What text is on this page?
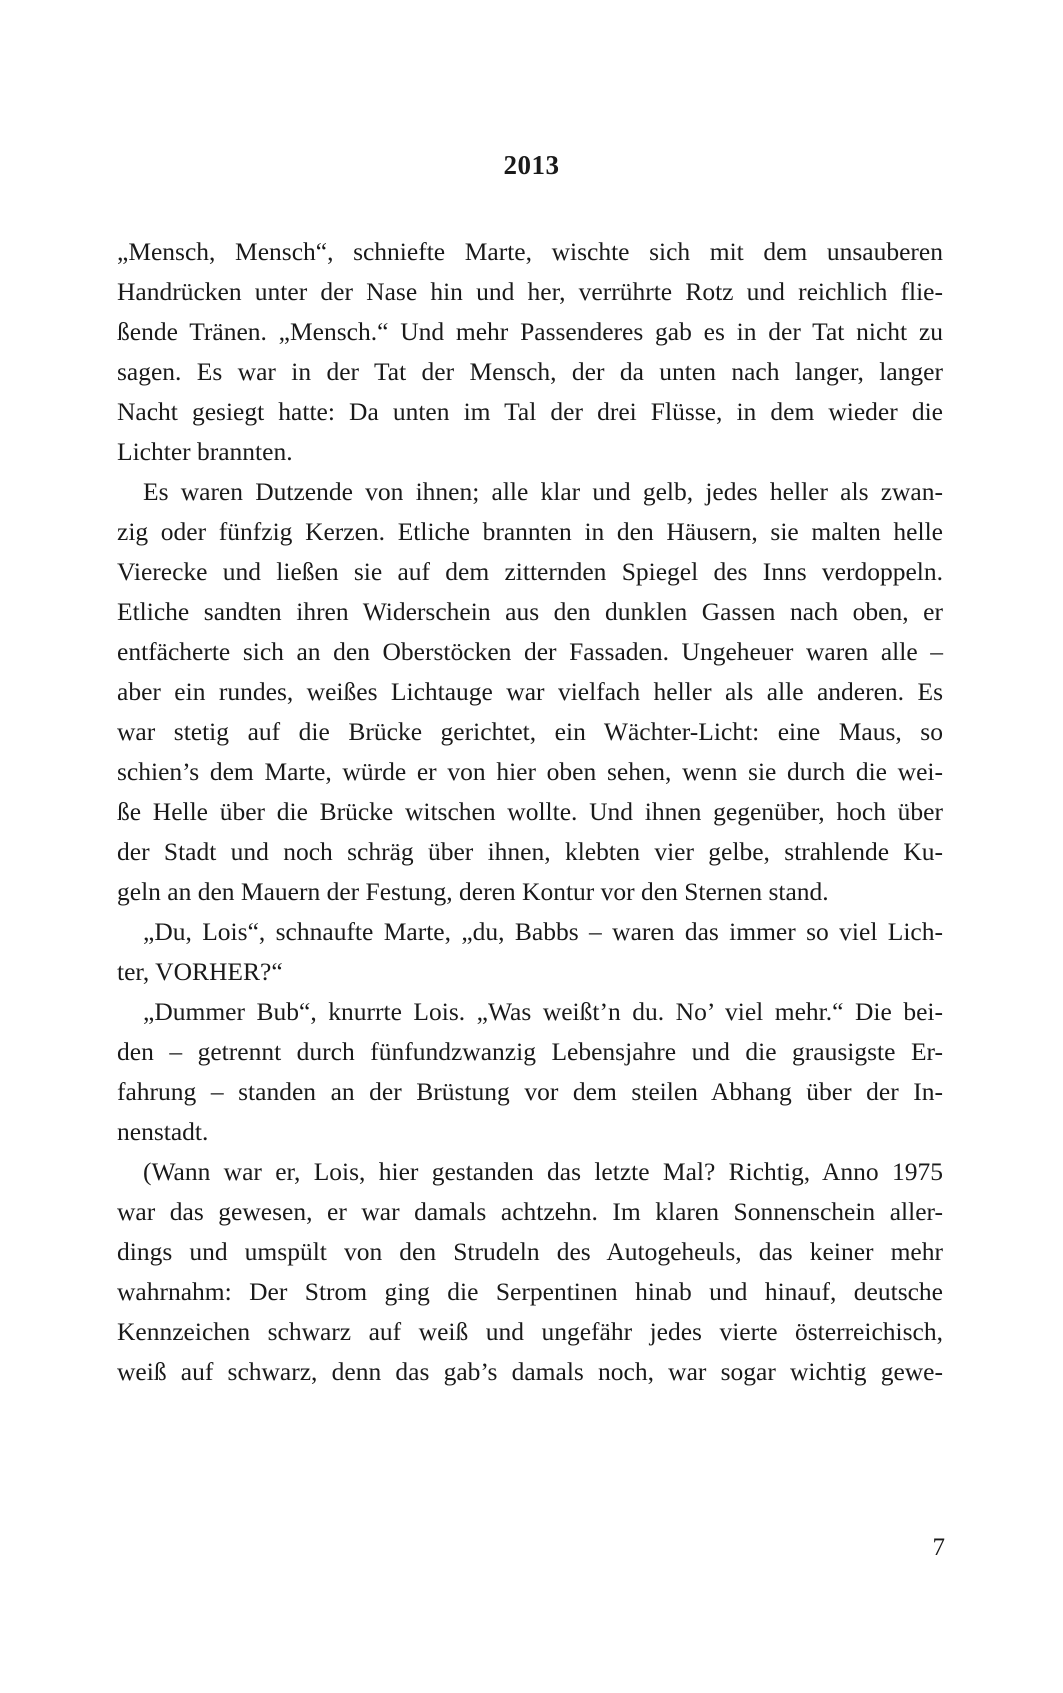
2013
„Mensch, Mensch“, schniefte Marte, wischte sich mit dem unsauberen
Handrücken unter der Nase hin und her, verrührte Rotz und reichlich flie-
ßende Tränen. „Mensch.“ Und mehr Passenderes gab es in der Tat nicht zu
sagen. Es war in der Tat der Mensch, der da unten nach langer, langer
Nacht gesiegt hatte: Da unten im Tal der drei Flüsse, in dem wieder die
Lichter brannten.
Es waren Dutzende von ihnen; alle klar und gelb, jedes heller als zwan-
zig oder fünfzig Kerzen. Etliche brannten in den Häusern, sie malten helle
Vierecke und ließen sie auf dem zitternden Spiegel des Inns verdoppeln.
Etliche sandten ihren Widerschein aus den dunklen Gassen nach oben, er
entfächerte sich an den Oberstöcken der Fassaden. Ungeheuer waren alle –
aber ein rundes, weißes Lichtauge war vielfach heller als alle anderen. Es
war stetig auf die Brücke gerichtet, ein Wächter-Licht: eine Maus, so
schien’s dem Marte, würde er von hier oben sehen, wenn sie durch die wei-
ße Helle über die Brücke witschen wollte. Und ihnen gegenüber, hoch über
der Stadt und noch schräg über ihnen, klebten vier gelbe, strahlende Ku-
geln an den Mauern der Festung, deren Kontur vor den Sternen stand.
„Du, Lois“, schnaufte Marte, „du, Babbs – waren das immer so viel Lich-
ter, VORHER?“
„Dummer Bub“, knurrte Lois. „Was weißt’n du. No’ viel mehr.“ Die bei-
den – getrennt durch fünfundzwanzig Lebensjahre und die grausigste Er-
fahrung – standen an der Brüstung vor dem steilen Abhang über der In-
nenstadt.
(Wann war er, Lois, hier gestanden das letzte Mal? Richtig, Anno 1975
war das gewesen, er war damals achtzehn. Im klaren Sonnenschein aller-
dings und umspült von den Strudeln des Autogeheuls, das keiner mehr
wahrnahm: Der Strom ging die Serpentinen hinab und hinauf, deutsche
Kennzeichen schwarz auf weiß und ungefähr jedes vierte österreichisch,
weiß auf schwarz, denn das gab’s damals noch, war sogar wichtig gewe-

7
